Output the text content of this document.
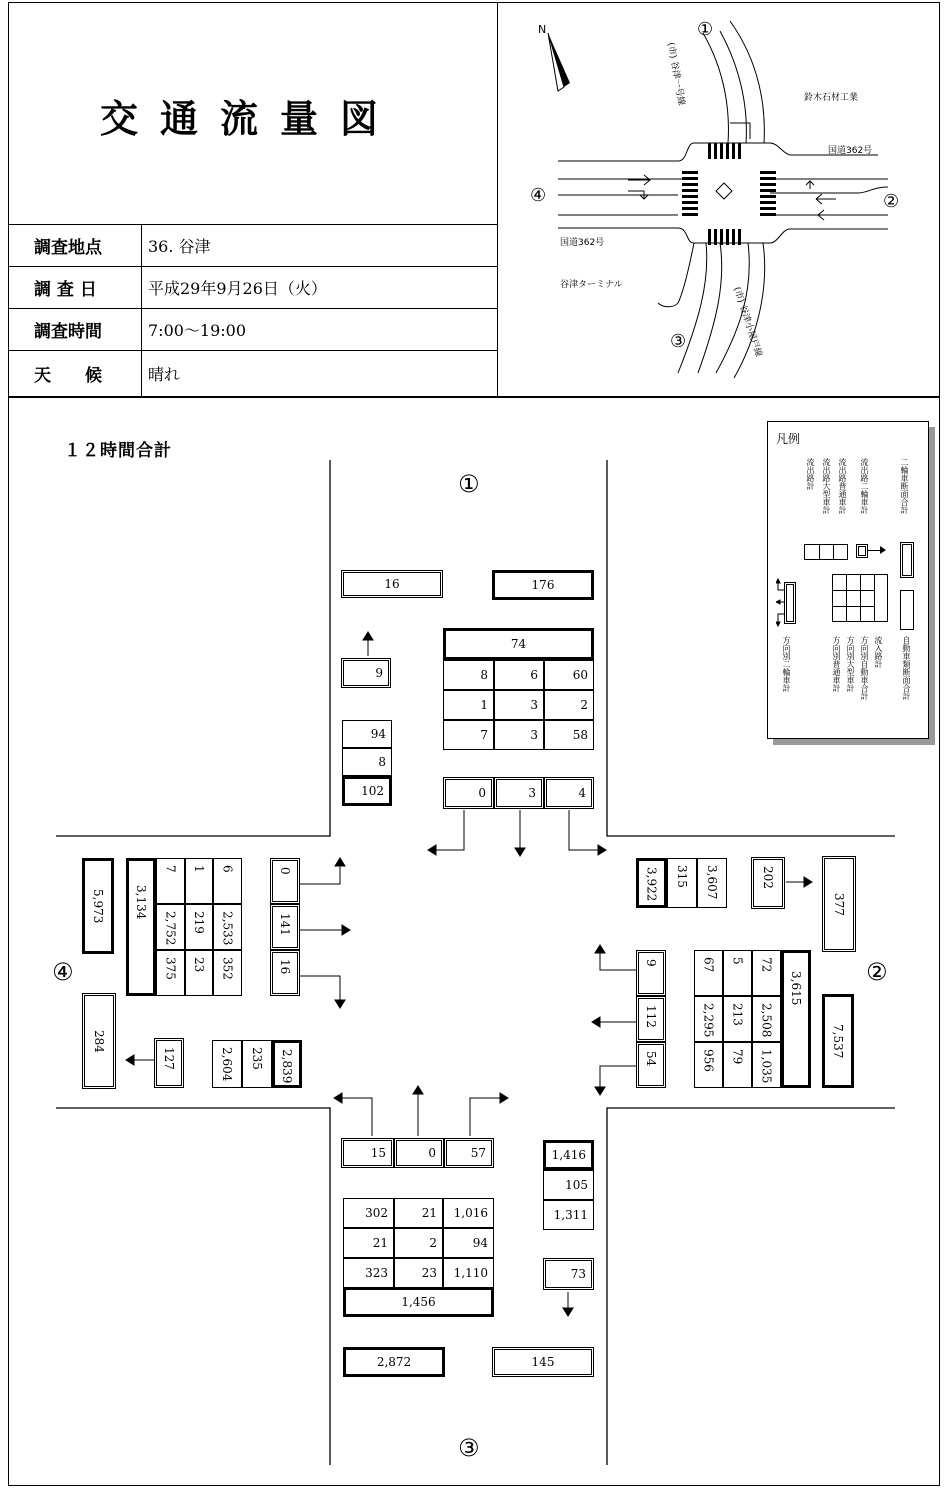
交通流量図
調査地点	36. 谷津
調 査 日	平成29年9月26日（火）
調査時間	7:00〜19:00
天　　候	晴れ
N	①
②
③
④
鈴木石材工業
国道362号
国道362号
谷津ターミナル
(市) 谷津一号線
(市) 谷津小屋戸線
１２時間合計
①
②
③
④
16	176
9
94
8
102
74
8	6	60
1	3	2
7	3	58
0	3	4
3,922 315 3,607	202
377
9
112
54
67 5 72
2,295 213 2,508
956 79 1,035
3,615
7,537
15	0	57	1,416
105
1,311
302	21	1,016
21	2	94
323	23	1,110
1,456
73
2,872	145
5,973 3,134
7 1 6
2,752 219 2,533
375 23 352
0
141
16
284
127	2,604 235 2,839
凡例
流出路計 流出路大型車計 流出路普通車計 流出路二輪車計	二輪車断面合計
方向別二輪車計	方向別普通車計 方向別大型車計 方向別自動車合計 流入路計 自動車類断面合計
